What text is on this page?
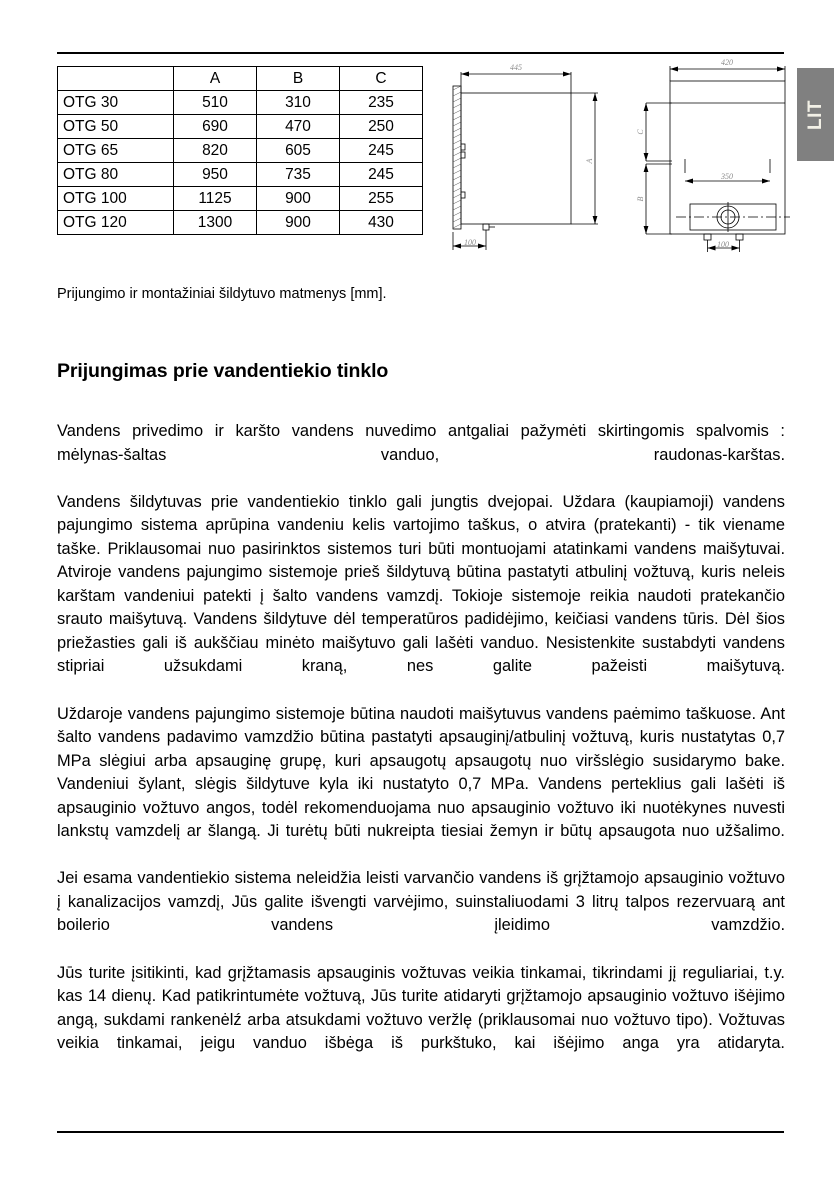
LIT
	A	B	C
OTG 30	510	310	235
OTG 50	690	470	250
OTG 65	820	605	245
OTG 80	950	735	245
OTG 100	1125	900	255
OTG 120	1300	900	430
445
100
A
420
350
100
C
B
Prijungimo ir montažiniai šildytuvo matmenys [mm].
Prijungimas prie vandentiekio tinklo

Vandens privedimo ir karšto vandens nuvedimo antgaliai pažymėti skirtingomis spalvomis : mėlynas-šaltas vanduo, raudonas-karštas.

Vandens šildytuvas prie vandentiekio tinklo gali jungtis dvejopai. Uždara (kaupiamoji) vandens pajungimo sistema aprūpina vandeniu kelis vartojimo taškus, o atvira (pratekanti) - tik viename taške. Priklausomai nuo pasirinktos sistemos turi būti montuojami atatinkami vandens maišytuvai. Atviroje vandens pajungimo sistemoje prieš šildytuvą būtina pastatyti atbulinį vožtuvą, kuris neleis karštam vandeniui patekti į šalto vandens vamzdį. Tokioje sistemoje reikia naudoti pratekančio srauto maišytuvą. Vandens šildytuve dėl temperatūros padidėjimo, keičiasi vandens tūris. Dėl šios priežasties gali iš aukščiau minėto maišytuvo gali lašėti vanduo. Nesistenkite sustabdyti vandens stipriai užsukdami kraną, nes galite pažeisti maišytuvą.

Uždaroje vandens pajungimo sistemoje būtina naudoti maišytuvus vandens paėmimo taškuose. Ant šalto vandens padavimo vamzdžio būtina pastatyti apsauginį/atbulinį vožtuvą, kuris nustatytas 0,7 MPa slėgiui arba apsauginę grupę, kuri apsaugotų apsaugotų nuo viršslėgio susidarymo bake. Vandeniui šylant, slėgis šildytuve kyla iki nustatyto 0,7 MPa. Vandens perteklius gali lašėti iš apsauginio vožtuvo angos, todėl rekomenduojama nuo apsauginio vožtuvo iki nuotėkynes nuvesti lankstų vamzdelį ar šlangą. Ji turėtų būti nukreipta tiesiai žemyn ir būtų apsaugota nuo užšalimo.

Jei esama vandentiekio sistema neleidžia leisti varvančio vandens iš grįžtamojo apsauginio vožtuvo į kanalizacijos vamzdį, Jūs galite išvengti varvėjimo, suinstaliuodami 3 litrų talpos rezervuarą ant boilerio vandens įleidimo vamzdžio.

Jūs turite įsitikinti, kad grįžtamasis apsauginis vožtuvas veikia tinkamai, tikrindami jį reguliariai, t.y. kas 14 dienų. Kad patikrintumėte vožtuvą, Jūs turite atidaryti grįžtamojo apsauginio vožtuvo išėjimo angą, sukdami rankenėlź arba atsukdami vožtuvo veržlę (priklausomai nuo vožtuvo tipo). Vožtuvas veikia tinkamai, jeigu vanduo išbėga iš purkštuko, kai išėjimo anga yra atidaryta.
